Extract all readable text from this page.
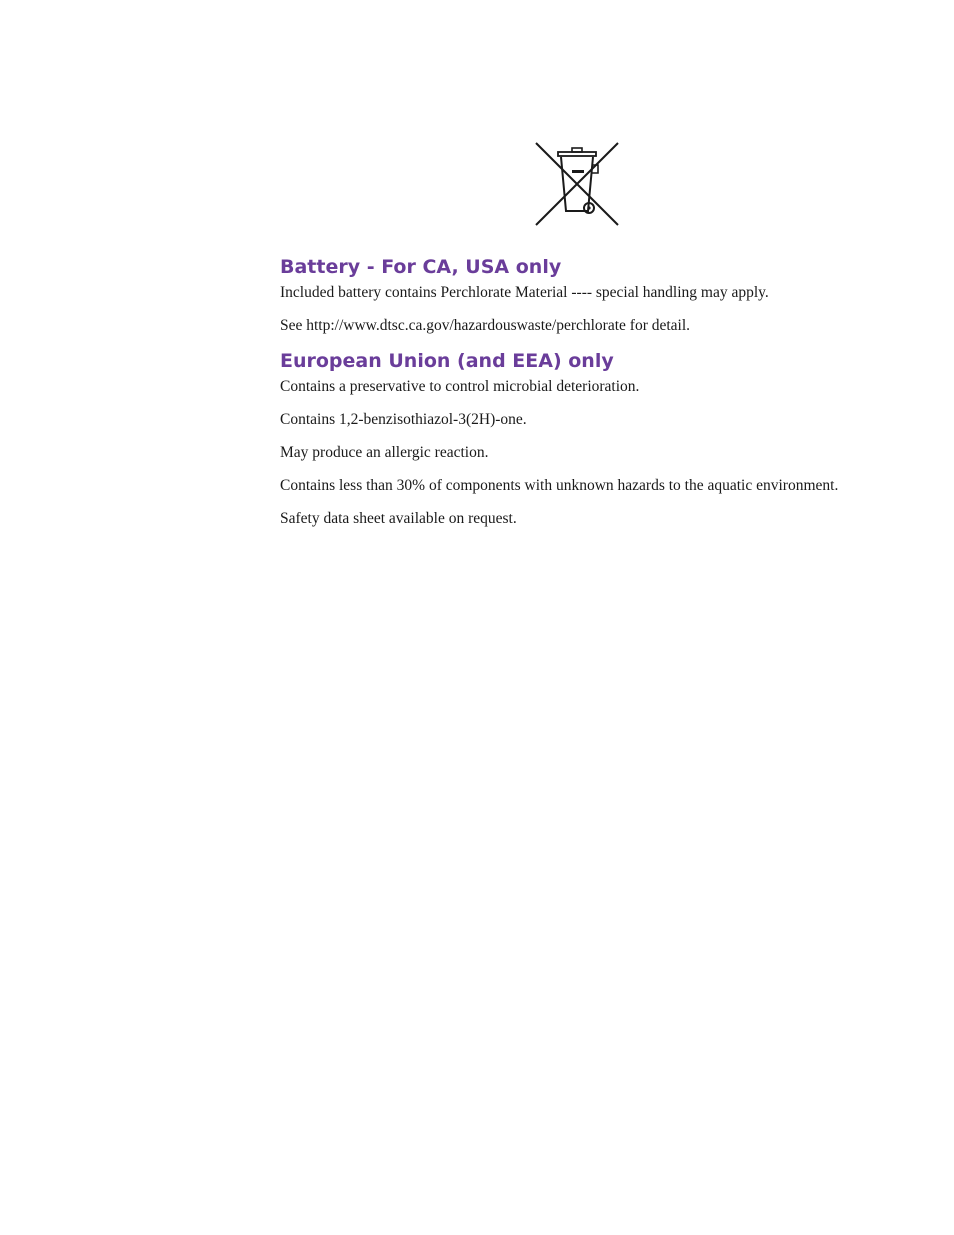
Battery - For CA, USA only

Included battery contains Perchlorate Material ---- special handling may apply.

See http://www.dtsc.ca.gov/hazardouswaste/perchlorate for detail.

European Union (and EEA) only

Contains a preservative to control microbial deterioration.

Contains 1,2-benzisothiazol-3(2H)-one.

May produce an allergic reaction.

Contains less than 30% of components with unknown hazards to the aquatic environment.

Safety data sheet available on request.
